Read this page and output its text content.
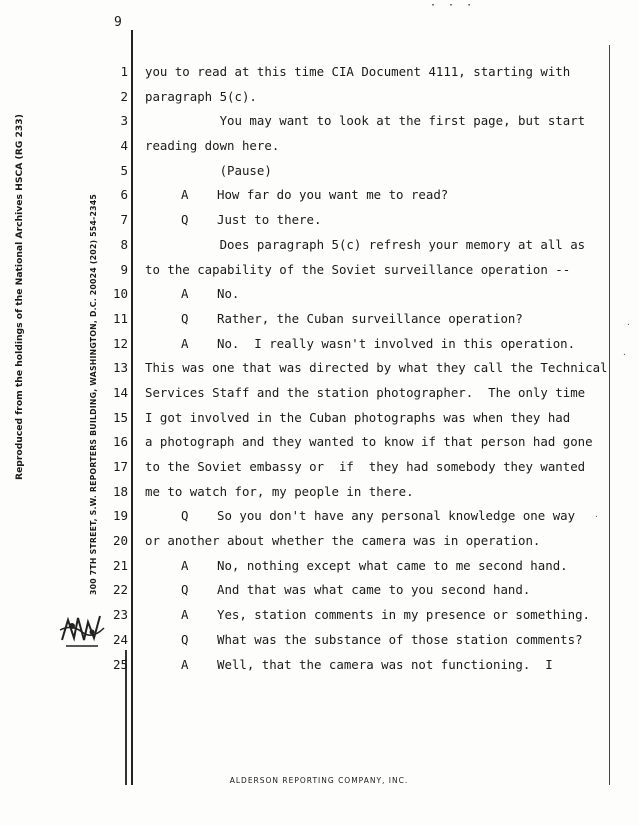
· · ·
9
Reproduced from the holdings of the National Archives HSCA (RG 233)	300 7TH STREET, S.W. REPORTERS BUILDING, WASHINGTON, D.C. 20024 (202) 554-2345
1
2
3
4
5
6
7
8
9
10
11
12
13
14
15
16
17
18
19
20
21
22
23
24
25
you to read at this time CIA Document 4111, starting with
paragraph 5(c).
You may want to look at the first page, but start
reading down here.
(Pause)
A How far do you want me to read?
Q Just to there.
Does paragraph 5(c) refresh your memory at all as
to the capability of the Soviet surveillance operation --
A No.
Q Rather, the Cuban surveillance operation?
A No.  I really wasn't involved in this operation.
This was one that was directed by what they call the Technical
Services Staff and the station photographer.  The only time
I got involved in the Cuban photographs was when they had
a photograph and they wanted to know if that person had gone
to the Soviet embassy or  if  they had somebody they wanted
me to watch for, my people in there.
Q So you don't have any personal knowledge one way
or another about whether the camera was in operation.
A No, nothing except what came to me second hand.
Q And that was what came to you second hand.
A Yes, station comments in my presence or something.
Q What was the substance of those station comments?
A Well, that the camera was not functioning.  I
·
·
·
ALDERSON REPORTING COMPANY, INC.
